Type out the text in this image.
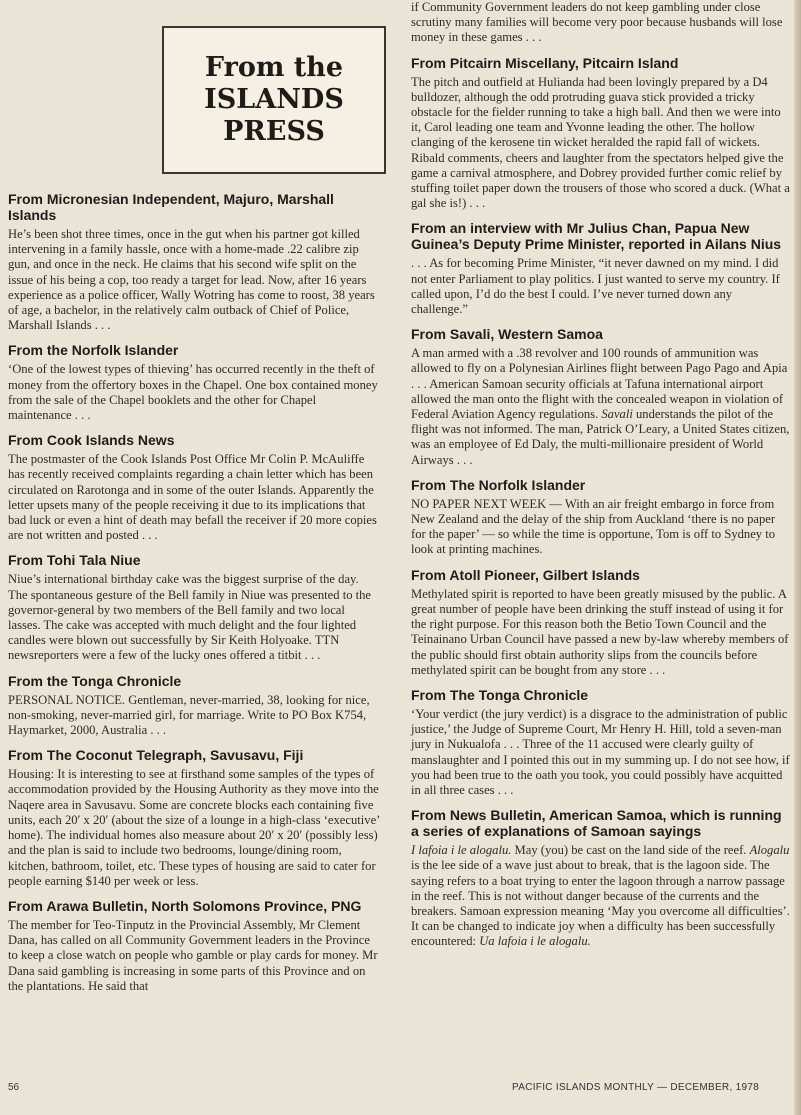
From the
ISLANDS
PRESS
From Micronesian Independent, Majuro, Marshall Islands

He’s been shot three times, once in the gut when his partner got killed intervening in a family hassle, once with a home-made .22 calibre zip gun, and once in the neck. He claims that his second wife split on the issue of his being a cop, too ready a target for lead. Now, after 16 years experience as a police officer, Wally Wotring has come to roost, 38 years of age, a bachelor, in the relatively calm outback of Chief of Police, Marshall Islands . . .

From the Norfolk Islander

‘One of the lowest types of thieving’ has occurred recently in the theft of money from the offertory boxes in the Chapel. One box contained money from the sale of the Chapel booklets and the other for Chapel maintenance . . .

From Cook Islands News

The postmaster of the Cook Islands Post Office Mr Colin P. McAuliffe has recently received complaints regarding a chain letter which has been circulated on Rarotonga and in some of the outer Islands. Apparently the letter upsets many of the people receiving it due to its implications that bad luck or even a hint of death may befall the receiver if 20 more copies are not written and posted . . .

From Tohi Tala Niue

Niue’s international birthday cake was the biggest surprise of the day. The spontaneous gesture of the Bell family in Niue was presented to the governor-general by two members of the Bell family and two local lasses. The cake was accepted with much delight and the four lighted candles were blown out successfully by Sir Keith Holyoake. TTN newsreporters were a few of the lucky ones offered a titbit . . .

From the Tonga Chronicle

PERSONAL NOTICE. Gentleman, never-married, 38, looking for nice, non-smoking, never-married girl, for marriage. Write to PO Box K754, Haymarket, 2000, Australia . . .

From The Coconut Telegraph, Savusavu, Fiji

Housing: It is interesting to see at firsthand some samples of the types of accommodation provided by the Housing Authority as they move into the Naqere area in Savusavu. Some are concrete blocks each containing five units, each 20′ x 20′ (about the size of a lounge in a high-class ‘executive’ home). The individual homes also measure about 20′ x 20′ (possibly less) and the plan is said to include two bedrooms, lounge/dining room, kitchen, bathroom, toilet, etc. These types of housing are said to cater for people earning $140 per week or less.

From Arawa Bulletin, North Solomons Province, PNG

The member for Teo-Tinputz in the Provincial Assembly, Mr Clement Dana, has called on all Community Government leaders in the Province to keep a close watch on people who gamble or play cards for money. Mr Dana said gambling is increasing in some parts of this Province and on the plantations. He said that

if Community Government leaders do not keep gambling under close scrutiny many families will become very poor because husbands will lose money in these games . . .

From Pitcairn Miscellany, Pitcairn Island

The pitch and outfield at Hulianda had been lovingly prepared by a D4 bulldozer, although the odd protruding guava stick provided a tricky obstacle for the fielder running to take a high ball. And then we were into it, Carol leading one team and Yvonne leading the other. The hollow clanging of the kerosene tin wicket heralded the rapid fall of wickets. Ribald comments, cheers and laughter from the spectators helped give the game a carnival atmosphere, and Dobrey provided further comic relief by stuffing toilet paper down the trousers of those who scored a duck. (What a gal she is!) . . .

From an interview with Mr Julius Chan, Papua New Guinea’s Deputy Prime Minister, reported in Ailans Nius

. . . As for becoming Prime Minister, “it never dawned on my mind. I did not enter Parliament to play politics. I just wanted to serve my country. If called upon, I’d do the best I could. I’ve never turned down any challenge.”

From Savali, Western Samoa

A man armed with a .38 revolver and 100 rounds of ammunition was allowed to fly on a Polynesian Airlines flight between Pago Pago and Apia . . . American Samoan security officials at Tafuna international airport allowed the man onto the flight with the concealed weapon in violation of Federal Aviation Agency regulations. Savali understands the pilot of the flight was not informed. The man, Patrick O’Leary, a United States citizen, was an employee of Ed Daly, the multi-millionaire president of World Airways . . .

From The Norfolk Islander

NO PAPER NEXT WEEK — With an air freight embargo in force from New Zealand and the delay of the ship from Auckland ‘there is no paper for the paper’ — so while the time is opportune, Tom is off to Sydney to look at printing machines.

From Atoll Pioneer, Gilbert Islands

Methylated spirit is reported to have been greatly misused by the public. A great number of people have been drinking the stuff instead of using it for the right purpose. For this reason both the Betio Town Council and the Teinainano Urban Council have passed a new by-law whereby members of the public should first obtain authority slips from the councils before methylated spirit can be bought from any store . . .

From The Tonga Chronicle

‘Your verdict (the jury verdict) is a disgrace to the administration of public justice,’ the Judge of Supreme Court, Mr Henry H. Hill, told a seven-man jury in Nukualofa . . . Three of the 11 accused were clearly guilty of manslaughter and I pointed this out in my summing up. I do not see how, if you had been true to the oath you took, you could possibly have acquitted in all three cases . . .

From News Bulletin, American Samoa, which is running a series of explanations of Samoan sayings

I lafoia i le alogalu. May (you) be cast on the land side of the reef. Alogalu is the lee side of a wave just about to break, that is the lagoon side. The saying refers to a boat trying to enter the lagoon through a narrow passage in the reef. This is not without danger because of the currents and the breakers. Samoan expression meaning ‘May you overcome all difficulties’. It can be changed to indicate joy when a difficulty has been successfully encountered: Ua lafoia i le alogalu.

56	PACIFIC ISLANDS MONTHLY — DECEMBER, 1978
